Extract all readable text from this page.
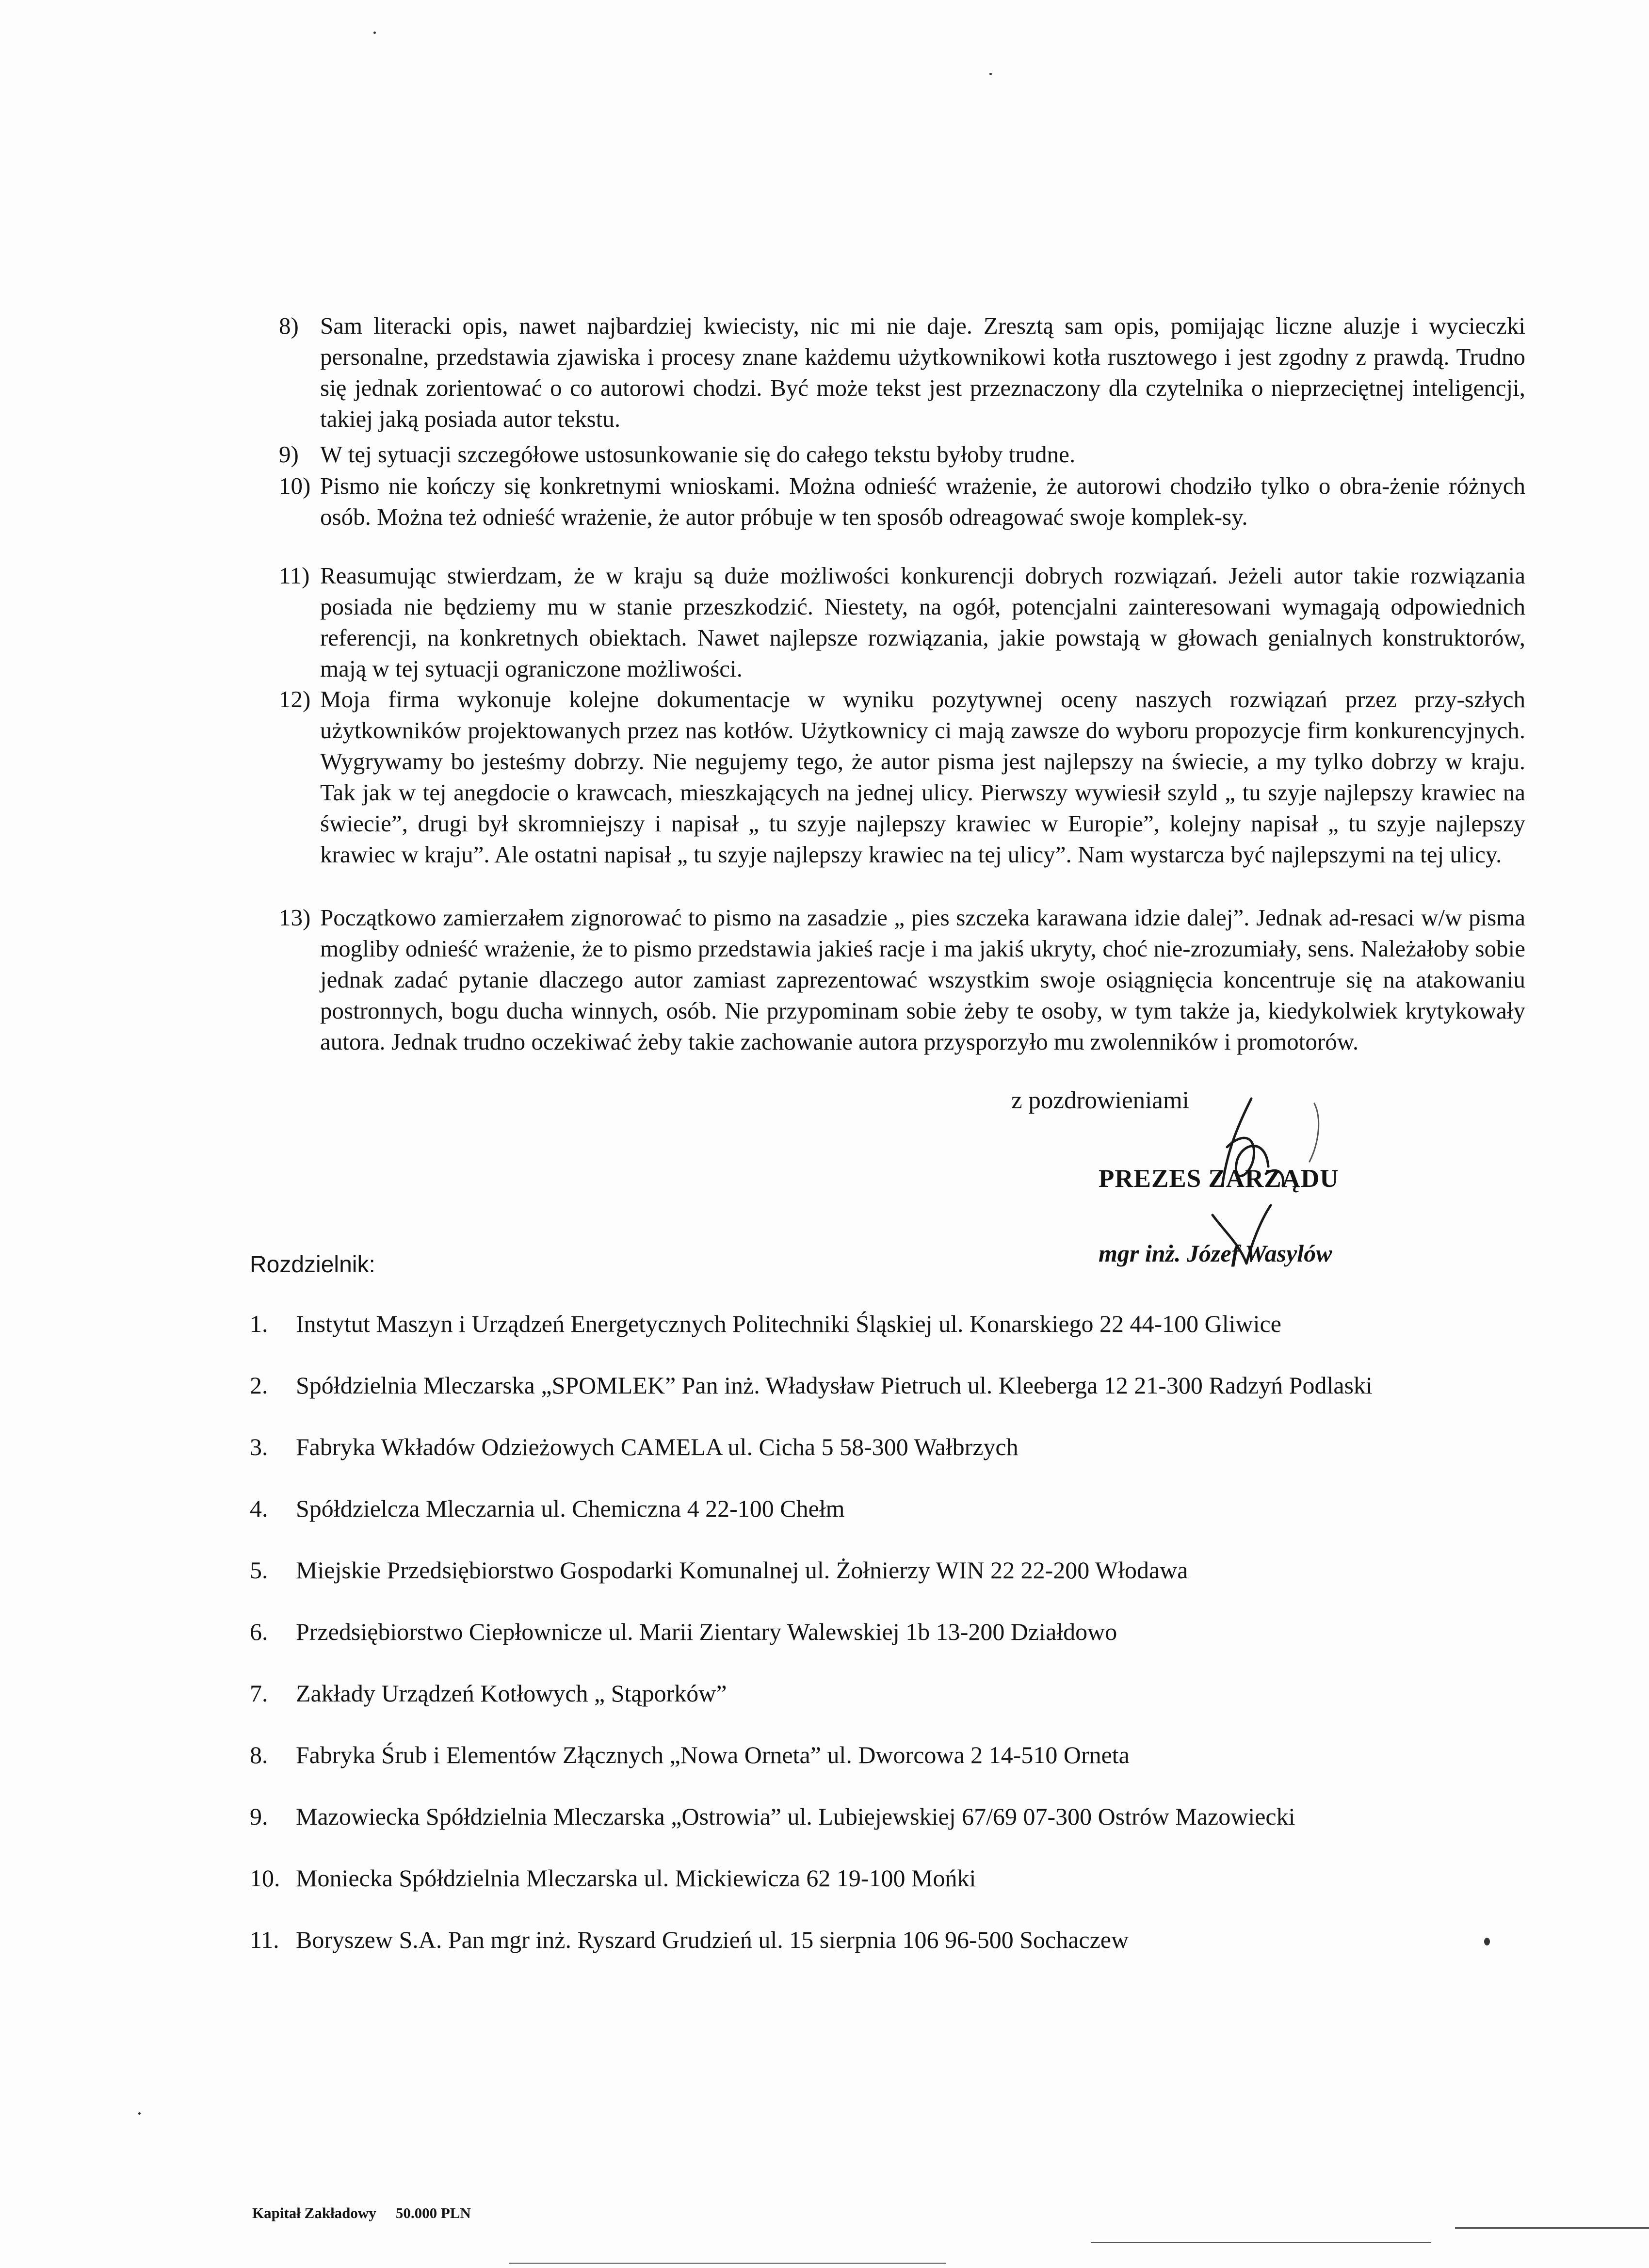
8) Sam literacki opis, nawet najbardziej kwiecisty, nic mi nie daje. Zresztą sam opis, pomijając liczne aluzje i wycieczki personalne, przedstawia zjawiska i procesy znane każdemu użytkownikowi kotła rusztowego i jest zgodny z prawdą. Trudno się jednak zorientować o co autorowi chodzi. Być może tekst jest przeznaczony dla czytelnika o nieprzeciętnej inteligencji, takiej jaką posiada autor tekstu.
9) W tej sytuacji szczegółowe ustosunkowanie się do całego tekstu byłoby trudne.
10) Pismo nie kończy się konkretnymi wnioskami. Można odnieść wrażenie, że autorowi chodziło tylko o obra-żenie różnych osób. Można też odnieść wrażenie, że autor próbuje w ten sposób odreagować swoje komplek-sy.
11) Reasumując stwierdzam, że w kraju są duże możliwości konkurencji dobrych rozwiązań. Jeżeli autor takie rozwiązania posiada nie będziemy mu w stanie przeszkodzić. Niestety, na ogół, potencjalni zainteresowani wymagają odpowiednich referencji, na konkretnych obiektach. Nawet najlepsze rozwiązania, jakie powstają w głowach genialnych konstruktorów, mają w tej sytuacji ograniczone możliwości.
12) Moja firma wykonuje kolejne dokumentacje w wyniku pozytywnej oceny naszych rozwiązań przez przy-szłych użytkowników projektowanych przez nas kotłów. Użytkownicy ci mają zawsze do wyboru propozycje firm konkurencyjnych. Wygrywamy bo jesteśmy dobrzy. Nie negujemy tego, że autor pisma jest najlepszy na świecie, a my tylko dobrzy w kraju. Tak jak w tej anegdocie o krawcach, mieszkających na jednej ulicy. Pierwszy wywiesił szyld „ tu szyje najlepszy krawiec na świecie”, drugi był skromniejszy i napisał „ tu szyje najlepszy krawiec w Europie”, kolejny napisał „ tu szyje najlepszy krawiec w kraju”. Ale ostatni napisał „ tu szyje najlepszy krawiec na tej ulicy”. Nam wystarcza być najlepszymi na tej ulicy.
13) Początkowo zamierzałem zignorować to pismo na zasadzie „ pies szczeka karawana idzie dalej”. Jednak ad-resaci w/w pisma mogliby odnieść wrażenie, że to pismo przedstawia jakieś racje i ma jakiś ukryty, choć nie-zrozumiały, sens. Należałoby sobie jednak zadać pytanie dlaczego autor zamiast zaprezentować wszystkim swoje osiągnięcia koncentruje się na atakowaniu postronnych, bogu ducha winnych, osób. Nie przypominam sobie żeby te osoby, w tym także ja, kiedykolwiek krytykowały autora. Jednak trudno oczekiwać żeby takie zachowanie autora przysporzyło mu zwolenników i promotorów.
z pozdrowieniami
PREZES ZARZĄDU
mgr inż. Józef Wasylów
Rozdzielnik:
1. Instytut Maszyn i Urządzeń Energetycznych Politechniki Śląskiej ul. Konarskiego 22 44-100 Gliwice
2. Spółdzielnia Mleczarska „SPOMLEK” Pan inż. Władysław Pietruch ul. Kleeberga 12 21-300 Radzyń Podlaski
3. Fabryka Wkładów Odzieżowych CAMELA ul. Cicha 5 58-300 Wałbrzych
4. Spółdzielcza Mleczarnia ul. Chemiczna 4 22-100 Chełm
5. Miejskie Przedsiębiorstwo Gospodarki Komunalnej ul. Żołnierzy WIN 22 22-200 Włodawa
6. Przedsiębiorstwo Ciepłownicze ul. Marii Zientary Walewskiej 1b 13-200 Działdowo
7. Zakłady Urządzeń Kotłowych „ Stąporków”
8. Fabryka Śrub i Elementów Złącznych „Nowa Orneta” ul. Dworcowa 2 14-510 Orneta
9. Mazowiecka Spółdzielnia Mleczarska „Ostrowia” ul. Lubiejewskiej 67/69 07-300 Ostrów Mazowiecki
10. Moniecka Spółdzielnia Mleczarska ul. Mickiewicza 62 19-100 Mońki
11. Boryszew S.A. Pan mgr inż. Ryszard Grudzień ul. 15 sierpnia 106 96-500 Sochaczew
Kapitał Zakładowy 50.000 PLN
